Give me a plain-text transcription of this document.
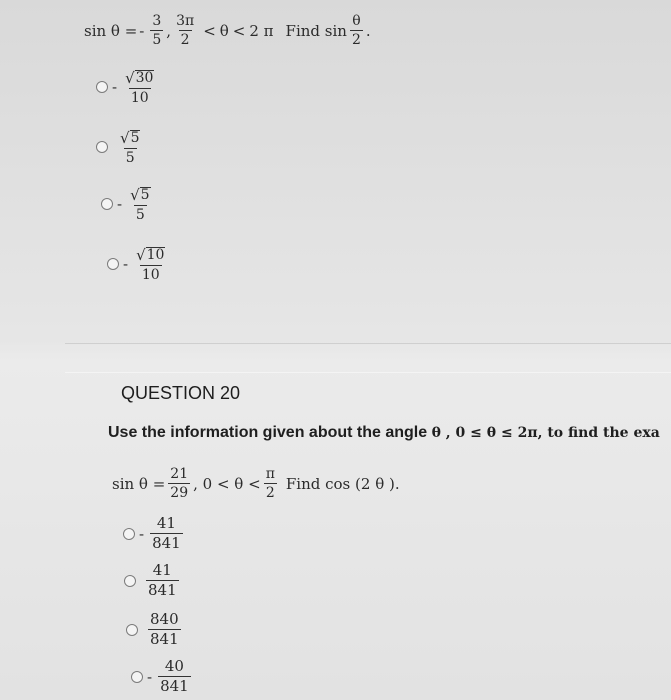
sin θ = - $\frac{3}{5}$ , $\frac{3\pi}{2} < \theta < 2$ π Find $\sin \frac{\theta}{2}$ .
- $\frac{√ 30}{10}$
$\frac{√ 5}{5}$
- $\frac{√ 5}{5}$
- $\frac{√ 10}{10}$
QUESTION 20
Use the information given about the angle θ , 0 ≤ θ ≤ 2π, to find the exa
$\sin \theta = \frac{21}{29}$ , $0 < \theta < \frac{\pi}{2}$ Find cos (2 θ ).
- $\frac{41}{841}$
$\frac{41}{841}$
$\frac{840}{841}$
- $\frac{40}{841}$
